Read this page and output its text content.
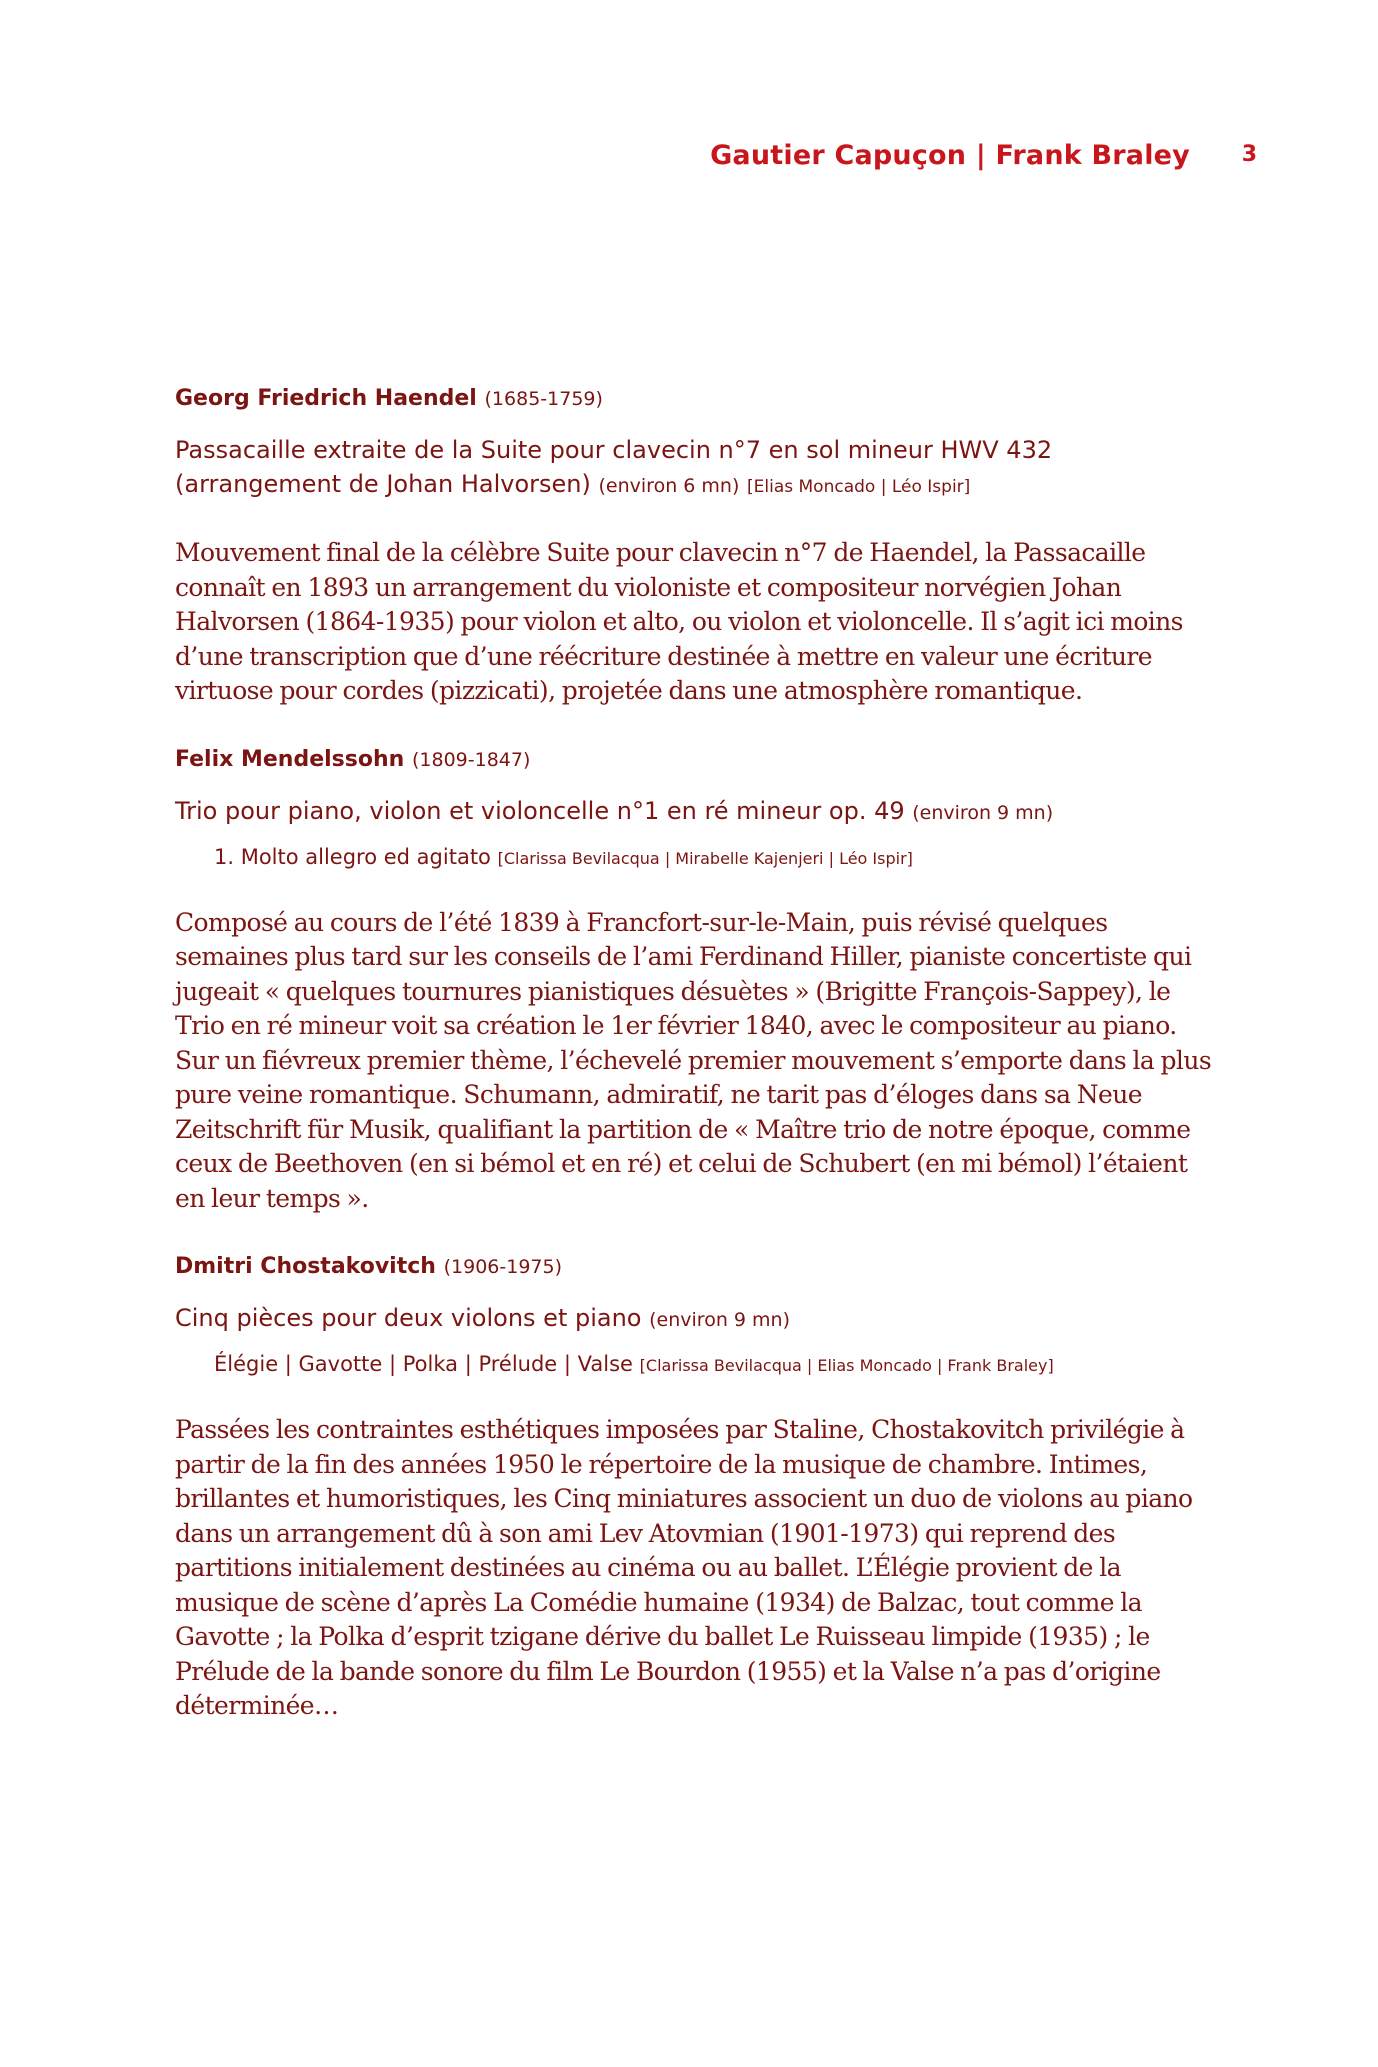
Gautier Capuçon | Frank Braley 3
Georg Friedrich Haendel (1685-1759)
Passacaille extraite de la Suite pour clavecin n°7 en sol mineur HWV 432
(arrangement de Johan Halvorsen) (environ 6 mn) [Elias Moncado | Léo Ispir]

Mouvement final de la célèbre Suite pour clavecin n°7 de Haendel, la Passacaille connaît en 1893 un arrangement du violoniste et compositeur norvégien Johan Halvorsen (1864-1935) pour violon et alto, ou violon et violoncelle. Il s’agit ici moins d’une transcription que d’une réécriture destinée à mettre en valeur une écriture virtuose pour cordes (pizzicati), projetée dans une atmosphère romantique.

Felix Mendelssohn (1809-1847)
Trio pour piano, violon et violoncelle n°1 en ré mineur op. 49 (environ 9 mn)
1. Molto allegro ed agitato [Clarissa Bevilacqua | Mirabelle Kajenjeri | Léo Ispir]

Composé au cours de l’été 1839 à Francfort-sur-le-Main, puis révisé quelques semaines plus tard sur les conseils de l’ami Ferdinand Hiller, pianiste concertiste qui jugeait « quelques tournures pianistiques désuètes » (Brigitte François-Sappey), le Trio en ré mineur voit sa création le 1er février 1840, avec le compositeur au piano. Sur un fiévreux premier thème, l’échevelé premier mouvement s’emporte dans la plus pure veine romantique. Schumann, admiratif, ne tarit pas d’éloges dans sa Neue Zeitschrift für Musik, qualifiant la partition de « Maître trio de notre époque, comme ceux de Beethoven (en si bémol et en ré) et celui de Schubert (en mi bémol) l’étaient en leur temps ».

Dmitri Chostakovitch (1906-1975)
Cinq pièces pour deux violons et piano (environ 9 mn)
Élégie | Gavotte | Polka | Prélude | Valse [Clarissa Bevilacqua | Elias Moncado | Frank Braley]

Passées les contraintes esthétiques imposées par Staline, Chostakovitch privilégie à partir de la fin des années 1950 le répertoire de la musique de chambre. Intimes, brillantes et humoristiques, les Cinq miniatures associent un duo de violons au piano dans un arrangement dû à son ami Lev Atovmian (1901-1973) qui reprend des partitions initialement destinées au cinéma ou au ballet. L’Élégie provient de la musique de scène d’après La Comédie humaine (1934) de Balzac, tout comme la Gavotte ; la Polka d’esprit tzigane dérive du ballet Le Ruisseau limpide (1935) ; le Prélude de la bande sonore du film Le Bourdon (1955) et la Valse n’a pas d’origine déterminée…
